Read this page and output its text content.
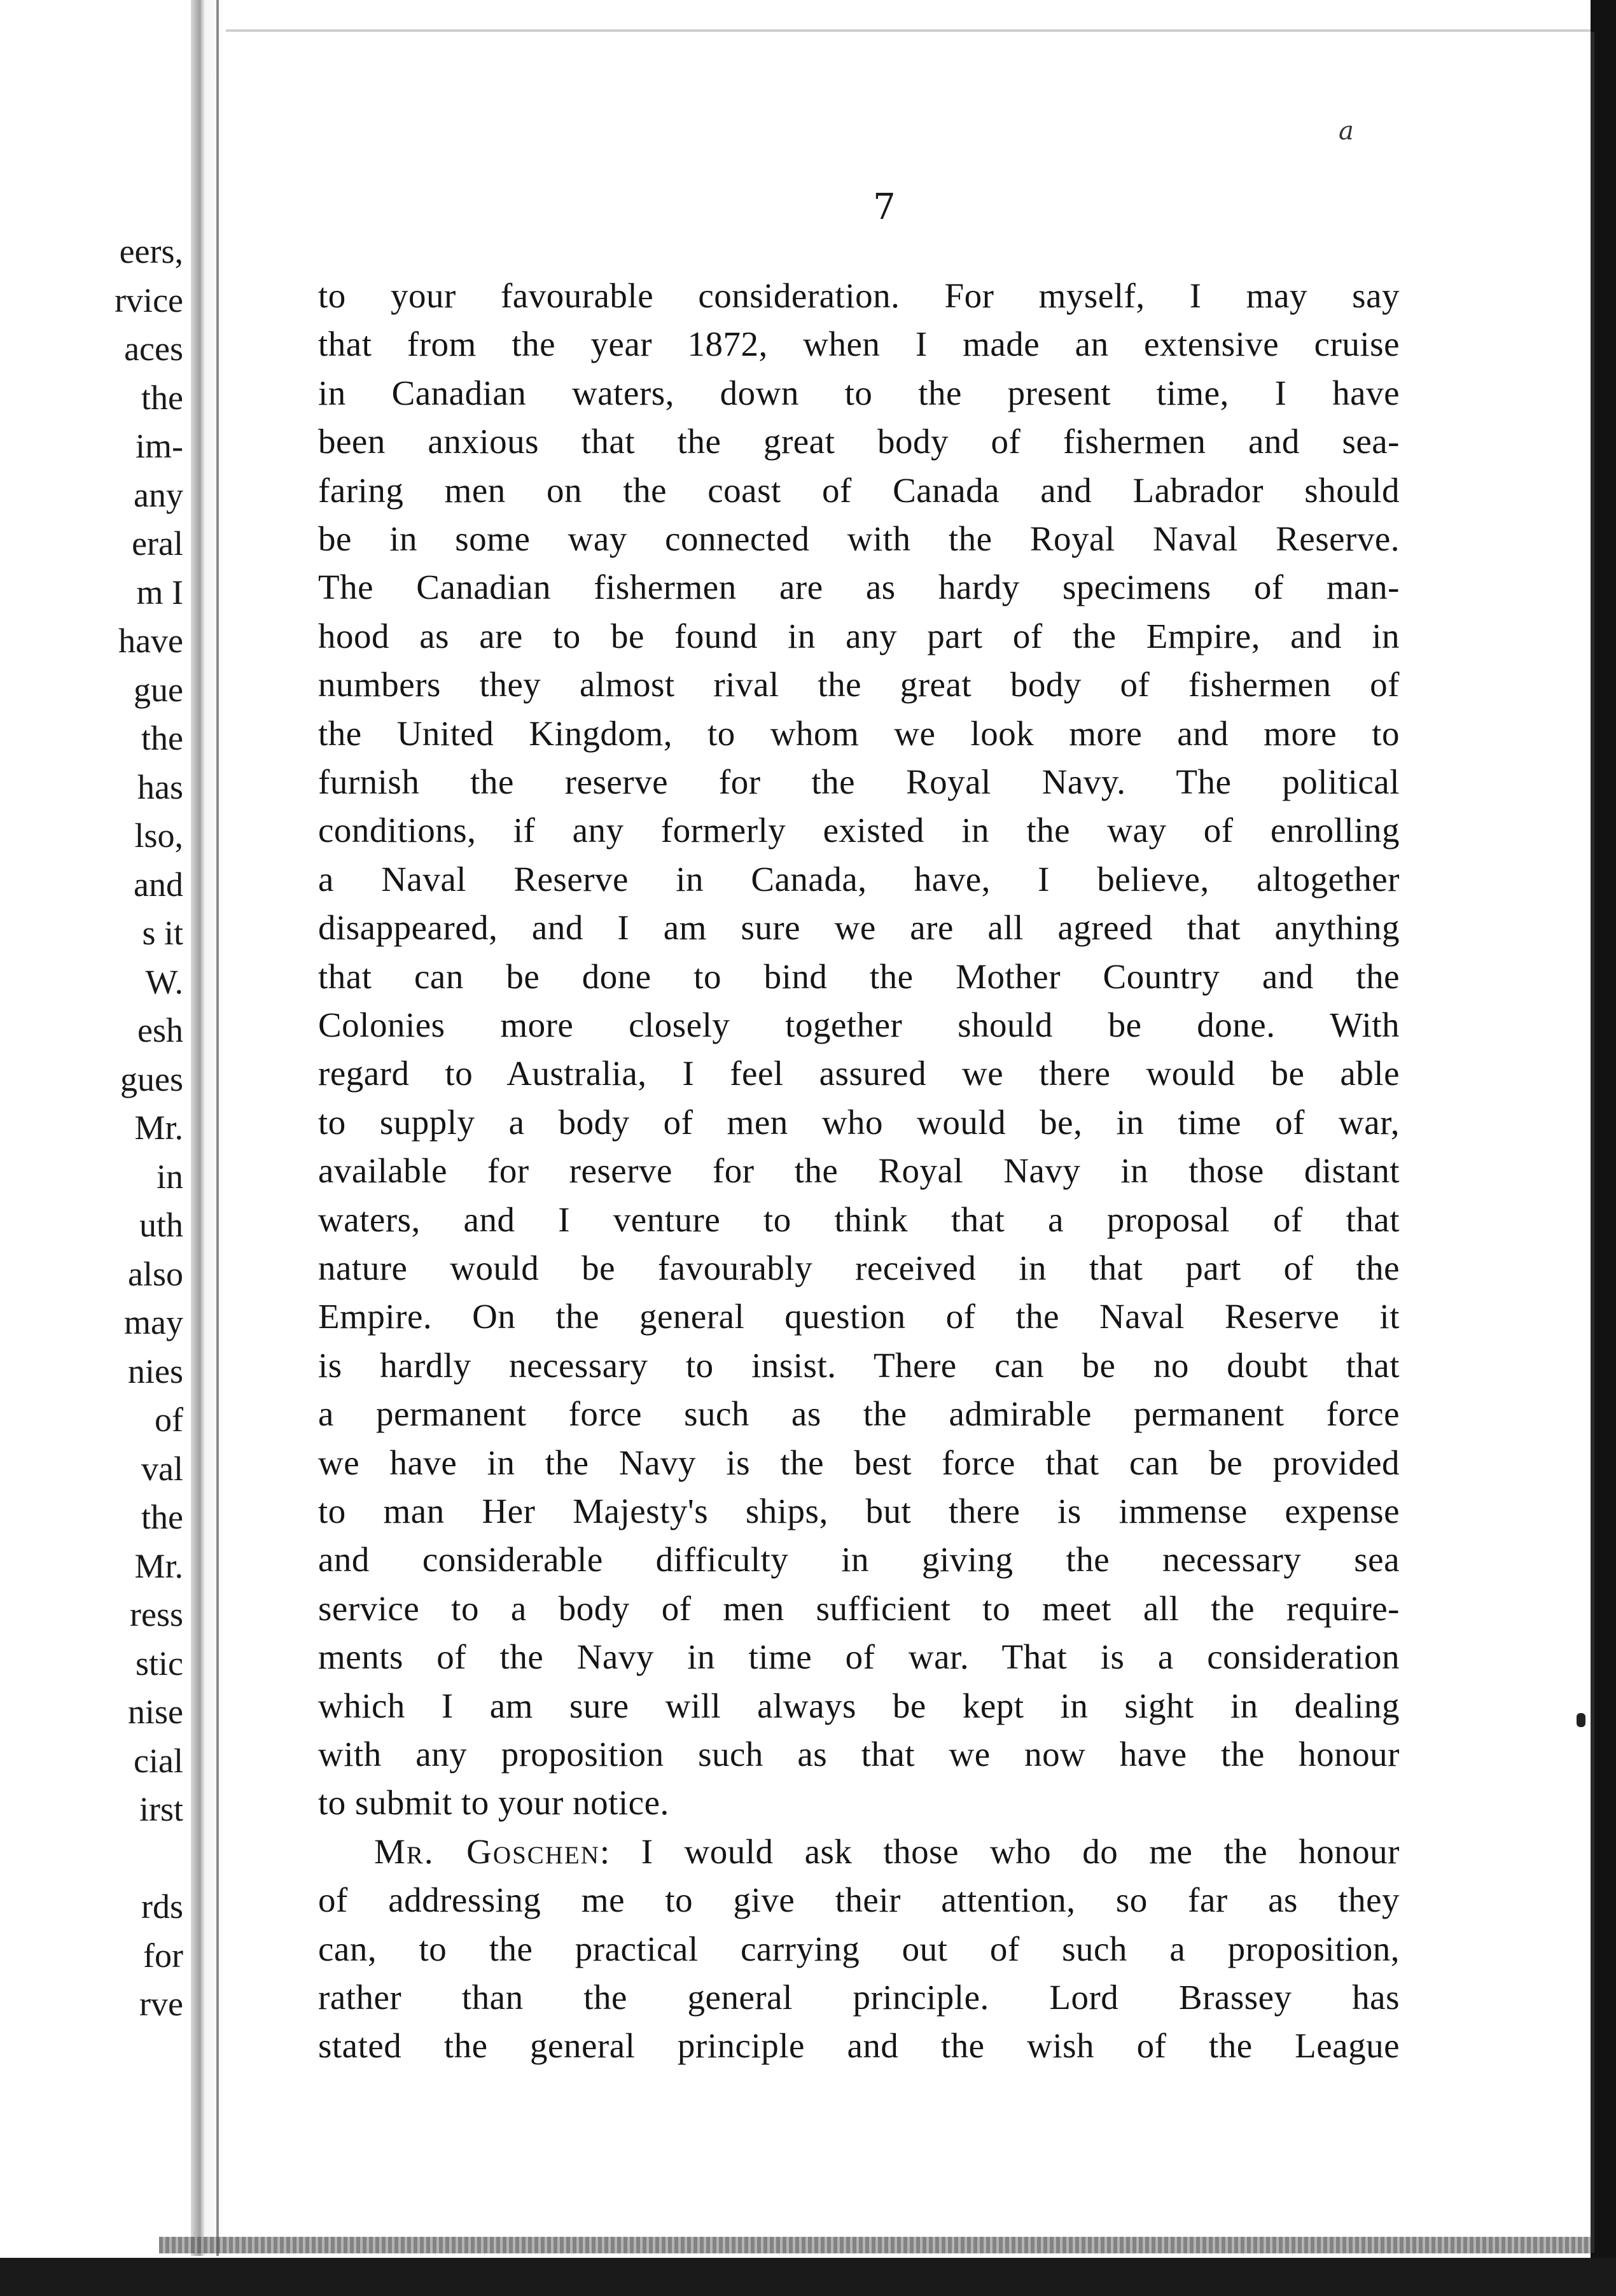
eers,
rvice
aces
the
im-
any
eral
m I
have
gue
the
has
lso,
and
s it
W.
esh
gues
Mr.
in
uth
also
may
nies
of
val
the
Mr.
ress
stic
nise
cial
irst
rds
for
rve
a
7
to your favourable consideration. For myself, I may say
that from the year 1872, when I made an extensive cruise
in Canadian waters, down to the present time, I have
been anxious that the great body of fishermen and sea-
faring men on the coast of Canada and Labrador should
be in some way connected with the Royal Naval Reserve.
The Canadian fishermen are as hardy specimens of man-
hood as are to be found in any part of the Empire, and in
numbers they almost rival the great body of fishermen of
the United Kingdom, to whom we look more and more to
furnish the reserve for the Royal Navy. The political
conditions, if any formerly existed in the way of enrolling
a Naval Reserve in Canada, have, I believe, altogether
disappeared, and I am sure we are all agreed that anything
that can be done to bind the Mother Country and the
Colonies more closely together should be done. With
regard to Australia, I feel assured we there would be able
to supply a body of men who would be, in time of war,
available for reserve for the Royal Navy in those distant
waters, and I venture to think that a proposal of that
nature would be favourably received in that part of the
Empire. On the general question of the Naval Reserve it
is hardly necessary to insist. There can be no doubt that
a permanent force such as the admirable permanent force
we have in the Navy is the best force that can be provided
to man Her Majesty's ships, but there is immense expense
and considerable difficulty in giving the necessary sea
service to a body of men sufficient to meet all the require-
ments of the Navy in time of war. That is a consideration
which I am sure will always be kept in sight in dealing
with any proposition such as that we now have the honour
to submit to your notice.
Mr. Goschen: I would ask those who do me the honour
of addressing me to give their attention, so far as they
can, to the practical carrying out of such a proposition,
rather than the general principle. Lord Brassey has
stated the general principle and the wish of the League
